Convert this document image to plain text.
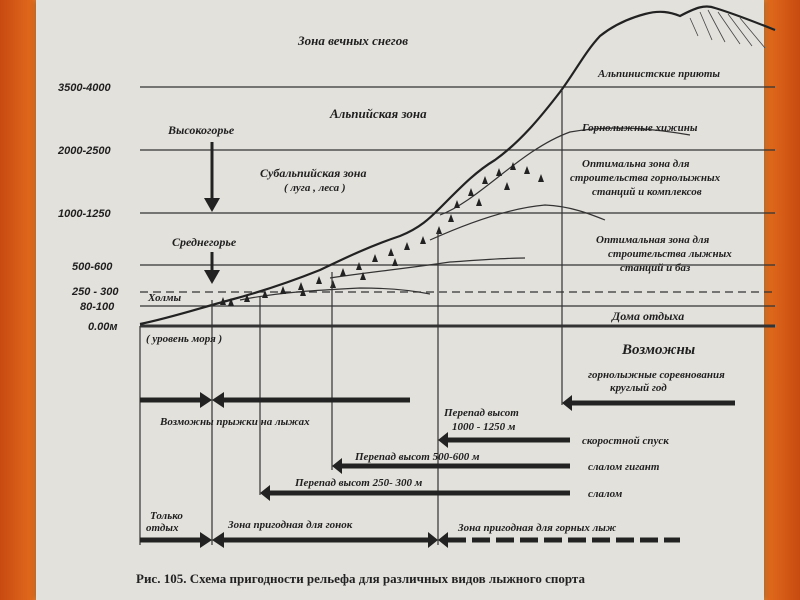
3500-4000
2000-2500
1000-1250
500-600
250 - 300
80-100
0.00м
Зона вечных снегов
Альпийская зона
Субальпийская зона
( луга , леса )
Высокогорье
Среднегорье
Холмы
( уровень моря )
Альпинистские приюты
Горнолыжные хижины
Оптимальна зона для
строительства горнолыжных
станций и комплексов
Оптимальная зона для
строительства лыжных
станций и баз
Дома отдыха
Возможны
горнолыжные соревнования
круглый год
Возможны прыжки на лыжах
Перепад высот
1000 - 1250 м
скоростной спуск
Перепад высот 500-600 м
слалом гигант
Перепад высот 250- 300 м
слалом
Только
отдых	Зона пригодная для гонок	Зона пригодная для горных лыж
Рис. 105. Схема пригодности рельефа для различных видов лыжного спорта
